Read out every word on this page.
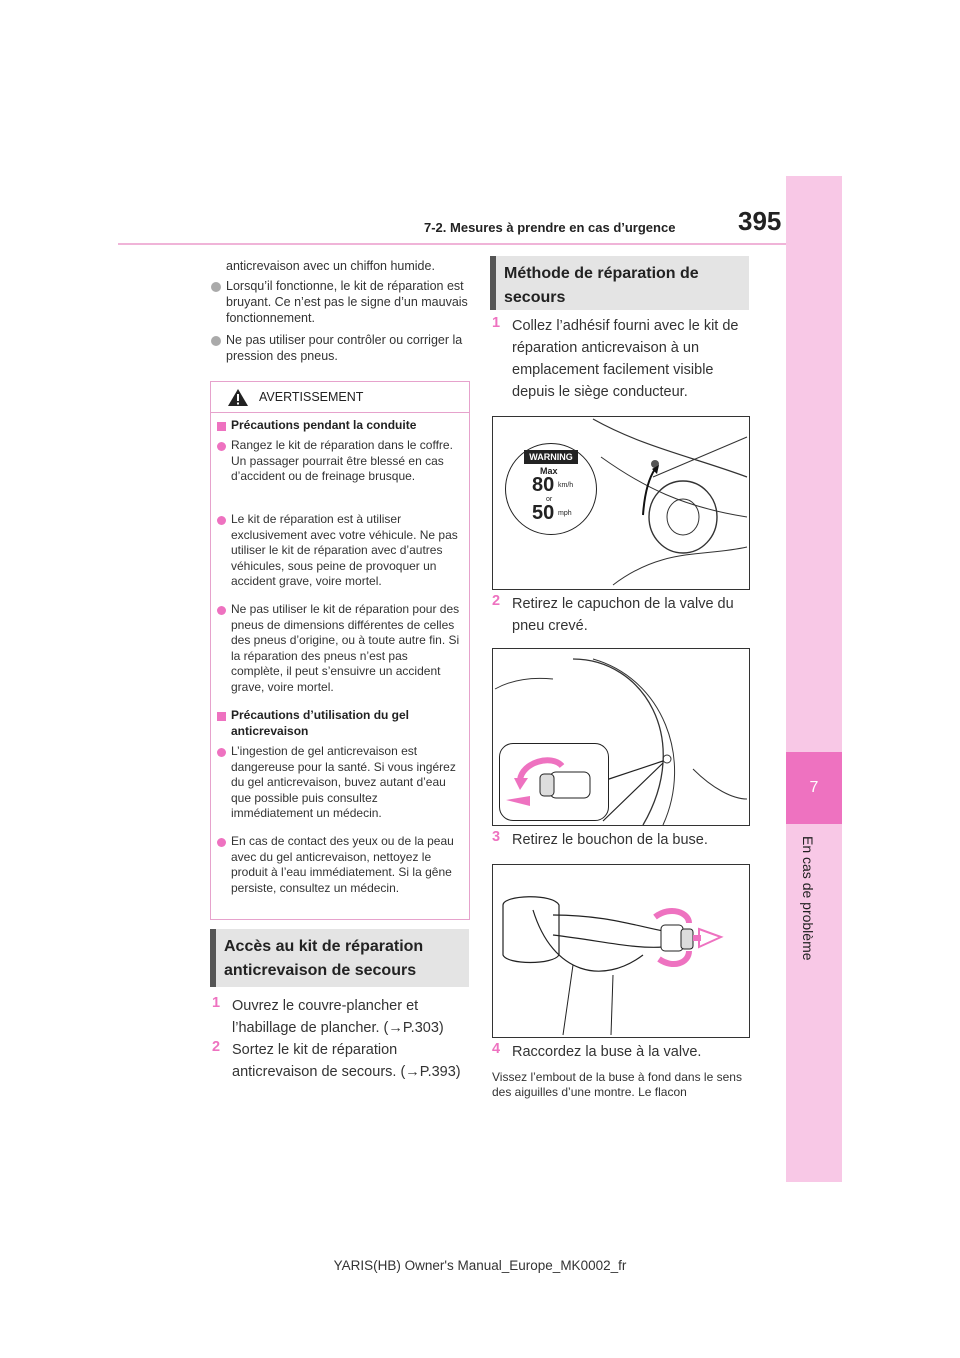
7
En cas de problème
7-2. Mesures à prendre en cas d’urgence 395
anticrevaison avec un chiffon humide.
Lorsqu’il fonctionne, le kit de réparation est bruyant. Ce n’est pas le signe d’un mauvais fonctionnement.
Ne pas utiliser pour contrôler ou corriger la pression des pneus.
AVERTISSEMENT
Précautions pendant la conduite
Rangez le kit de réparation dans le coffre. Un passager pourrait être blessé en cas d’accident ou de freinage brusque.
Le kit de réparation est à utiliser exclusivement avec votre véhicule. Ne pas utiliser le kit de réparation avec d’autres véhicules, sous peine de provoquer un accident grave, voire mortel.
Ne pas utiliser le kit de réparation pour des pneus de dimensions différentes de celles des pneus d’origine, ou à toute autre fin. Si la réparation des pneus n’est pas complète, il peut s’ensuivre un accident grave, voire mortel.
Précautions d’utilisation du gel anticrevaison
L’ingestion de gel anticrevaison est dangereuse pour la santé. Si vous ingérez du gel anticrevaison, buvez autant d’eau que possible puis consultez immédiatement un médecin.
En cas de contact des yeux ou de la peau avec du gel anticrevaison, nettoyez le produit à l’eau immédiatement. Si la gêne persiste, consultez un médecin.
Accès au kit de réparation anticrevaison de secours
1 Ouvrez le couvre-plancher et l’habillage de plancher. (→P.303)
2 Sortez le kit de réparation anticrevaison de secours. (→P.393)
Méthode de réparation de secours
1 Collez l’adhésif fourni avec le kit de réparation anticrevaison à un emplacement facilement visible depuis le siège conducteur.
WARNING
Max
80 km/h
or
50 mph
2 Retirez le capuchon de la valve du pneu crevé.
3 Retirez le bouchon de la buse.
4 Raccordez la buse à la valve.
Vissez l’embout de la buse à fond dans le sens des aiguilles d’une montre. Le flacon
YARIS(HB) Owner's Manual_Europe_MK0002_fr
